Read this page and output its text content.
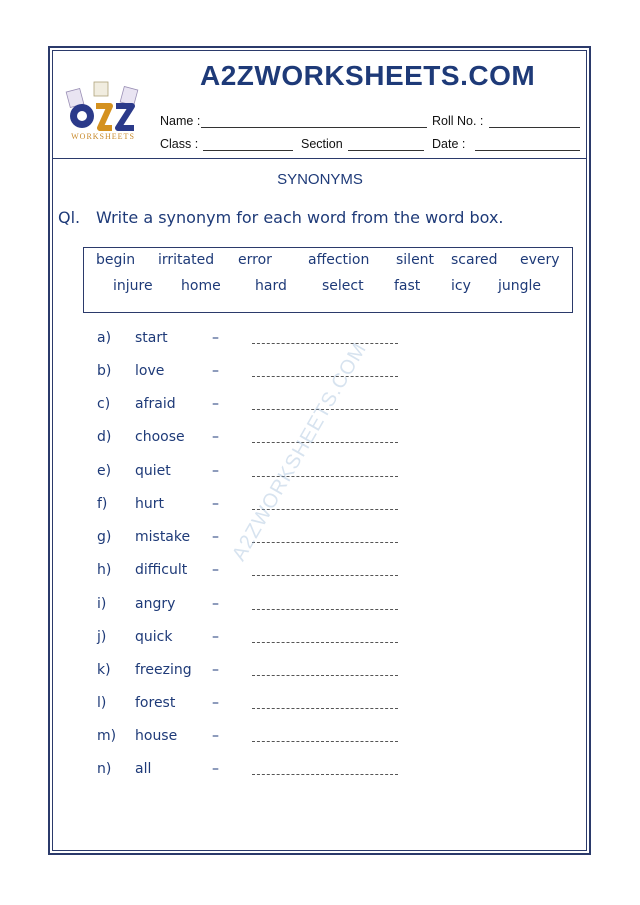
WORKSHEETS
A2ZWORKSHEETS.COM
Name :	Roll No. :
Class :	Section	Date :
SYNONYMS
Ql. Write a synonym for each word from the word box.
begin irritated error	affection silent scared every
injure home hard	select fast icy jungle
a) start	–
b) love	–
c) afraid	–
d) choose –
e) quiet	–
f) hurt	–
g) mistake –
h) difficult –
i) angry	–
j) quick	–
k) freezing –
l) forest	–
m) house –
n) all	–
A2ZWORKSHEETS.COM
